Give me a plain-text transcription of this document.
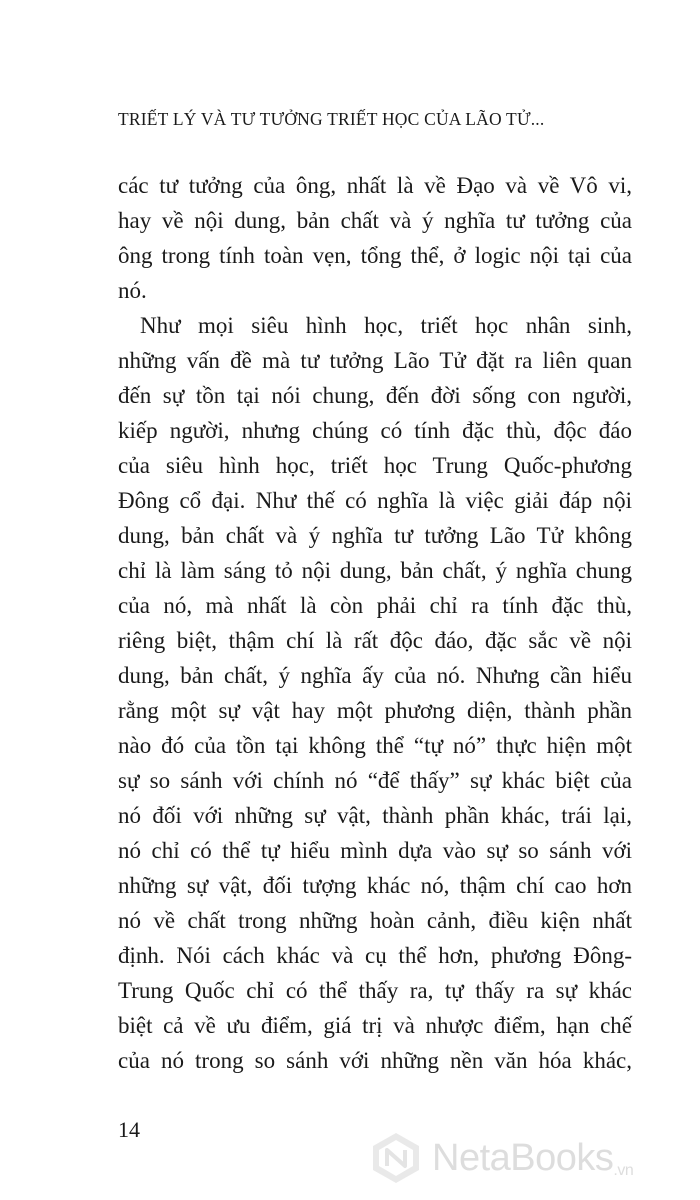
TRIẾT LÝ VÀ TƯ TƯỞNG TRIẾT HỌC CỦA LÃO TỬ...
các tư tưởng của ông, nhất là về Đạo và về Vô vi,
hay về nội dung, bản chất và ý nghĩa tư tưởng của
ông trong tính toàn vẹn, tổng thể, ở logic nội tại của
nó.
Như mọi siêu hình học, triết học nhân sinh,
những vấn đề mà tư tưởng Lão Tử đặt ra liên quan
đến sự tồn tại nói chung, đến đời sống con người,
kiếp người, nhưng chúng có tính đặc thù, độc đáo
của siêu hình học, triết học Trung Quốc-phương
Đông cổ đại. Như thế có nghĩa là việc giải đáp nội
dung, bản chất và ý nghĩa tư tưởng Lão Tử không
chỉ là làm sáng tỏ nội dung, bản chất, ý nghĩa chung
của nó, mà nhất là còn phải chỉ ra tính đặc thù,
riêng biệt, thậm chí là rất độc đáo, đặc sắc về nội
dung, bản chất, ý nghĩa ấy của nó. Nhưng cần hiểu
rằng một sự vật hay một phương diện, thành phần
nào đó của tồn tại không thể “tự nó” thực hiện một
sự so sánh với chính nó “để thấy” sự khác biệt của
nó đối với những sự vật, thành phần khác, trái lại,
nó chỉ có thể tự hiểu mình dựa vào sự so sánh với
những sự vật, đối tượng khác nó, thậm chí cao hơn
nó về chất trong những hoàn cảnh, điều kiện nhất
định. Nói cách khác và cụ thể hơn, phương Đông-
Trung Quốc chỉ có thể thấy ra, tự thấy ra sự khác
biệt cả về ưu điểm, giá trị và nhược điểm, hạn chế
của nó trong so sánh với những nền văn hóa khác,
14
NetaBooks.vn
